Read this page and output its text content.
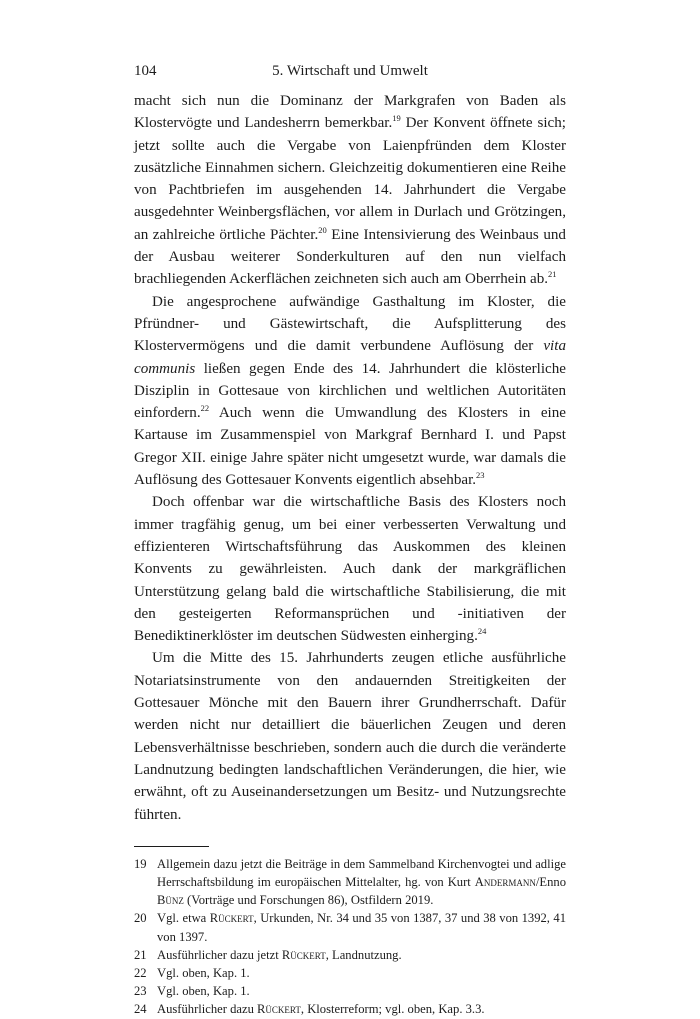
104	5. Wirtschaft und Umwelt

macht sich nun die Dominanz der Markgrafen von Baden als Klostervögte und Landesherrn bemerkbar.$^{19}$ Der Konvent öffnete sich; jetzt sollte auch die Vergabe von Laienpfründen dem Kloster zusätzliche Einnahmen sichern. Gleichzeitig dokumentieren eine Reihe von Pachtbriefen im ausgehenden 14. Jahrhundert die Vergabe ausgedehnter Weinbergsflächen, vor allem in Durlach und Grötzingen, an zahlreiche örtliche Pächter.$^{20}$ Eine Intensivierung des Weinbaus und der Ausbau weiterer Sonderkulturen auf den nun vielfach brachliegenden Ackerflächen zeichneten sich auch am Oberrhein ab.$^{21}$

Die angesprochene aufwändige Gasthaltung im Kloster, die Pfründner- und Gästewirtschaft, die Aufsplitterung des Klostervermögens und die damit verbundene Auflösung der vita communis ließen gegen Ende des 14. Jahrhundert die klösterliche Disziplin in Gottesaue von kirchlichen und weltlichen Autoritäten einfordern.$^{22}$ Auch wenn die Umwandlung des Klosters in eine Kartause im Zusammenspiel von Markgraf Bernhard I. und Papst Gregor XII. einige Jahre später nicht umgesetzt wurde, war damals die Auflösung des Gottesauer Konvents eigentlich absehbar.$^{23}$

Doch offenbar war die wirtschaftliche Basis des Klosters noch immer tragfähig genug, um bei einer verbesserten Verwaltung und effizienteren Wirtschaftsführung das Auskommen des kleinen Konvents zu gewährleisten. Auch dank der markgräflichen Unterstützung gelang bald die wirtschaftliche Stabilisierung, die mit den gesteigerten Reformansprüchen und -initiativen der Benediktinerklöster im deutschen Südwesten einherging.$^{24}$

Um die Mitte des 15. Jahrhunderts zeugen etliche ausführliche Notariatsinstrumente von den andauernden Streitigkeiten der Gottesauer Mönche mit den Bauern ihrer Grundherrschaft. Dafür werden nicht nur detailliert die bäuerlichen Zeugen und deren Lebensverhältnisse beschrieben, sondern auch die durch die veränderte Landnutzung bedingten landschaftlichen Veränderungen, die hier, wie erwähnt, oft zu Auseinandersetzungen um Besitz- und Nutzungsrechte führten.

19 Allgemein dazu jetzt die Beiträge in dem Sammelband Kirchenvogtei und adlige Herrschaftsbildung im europäischen Mittelalter, hg. von Kurt Andermann/Enno Bünz (Vorträge und Forschungen 86), Ostfildern 2019.
20 Vgl. etwa Rückert, Urkunden, Nr. 34 und 35 von 1387, 37 und 38 von 1392, 41 von 1397.
21 Ausführlicher dazu jetzt Rückert, Landnutzung.
22 Vgl. oben, Kap. 1.
23 Vgl. oben, Kap. 1.
24 Ausführlicher dazu Rückert, Klosterreform; vgl. oben, Kap. 3.3.
